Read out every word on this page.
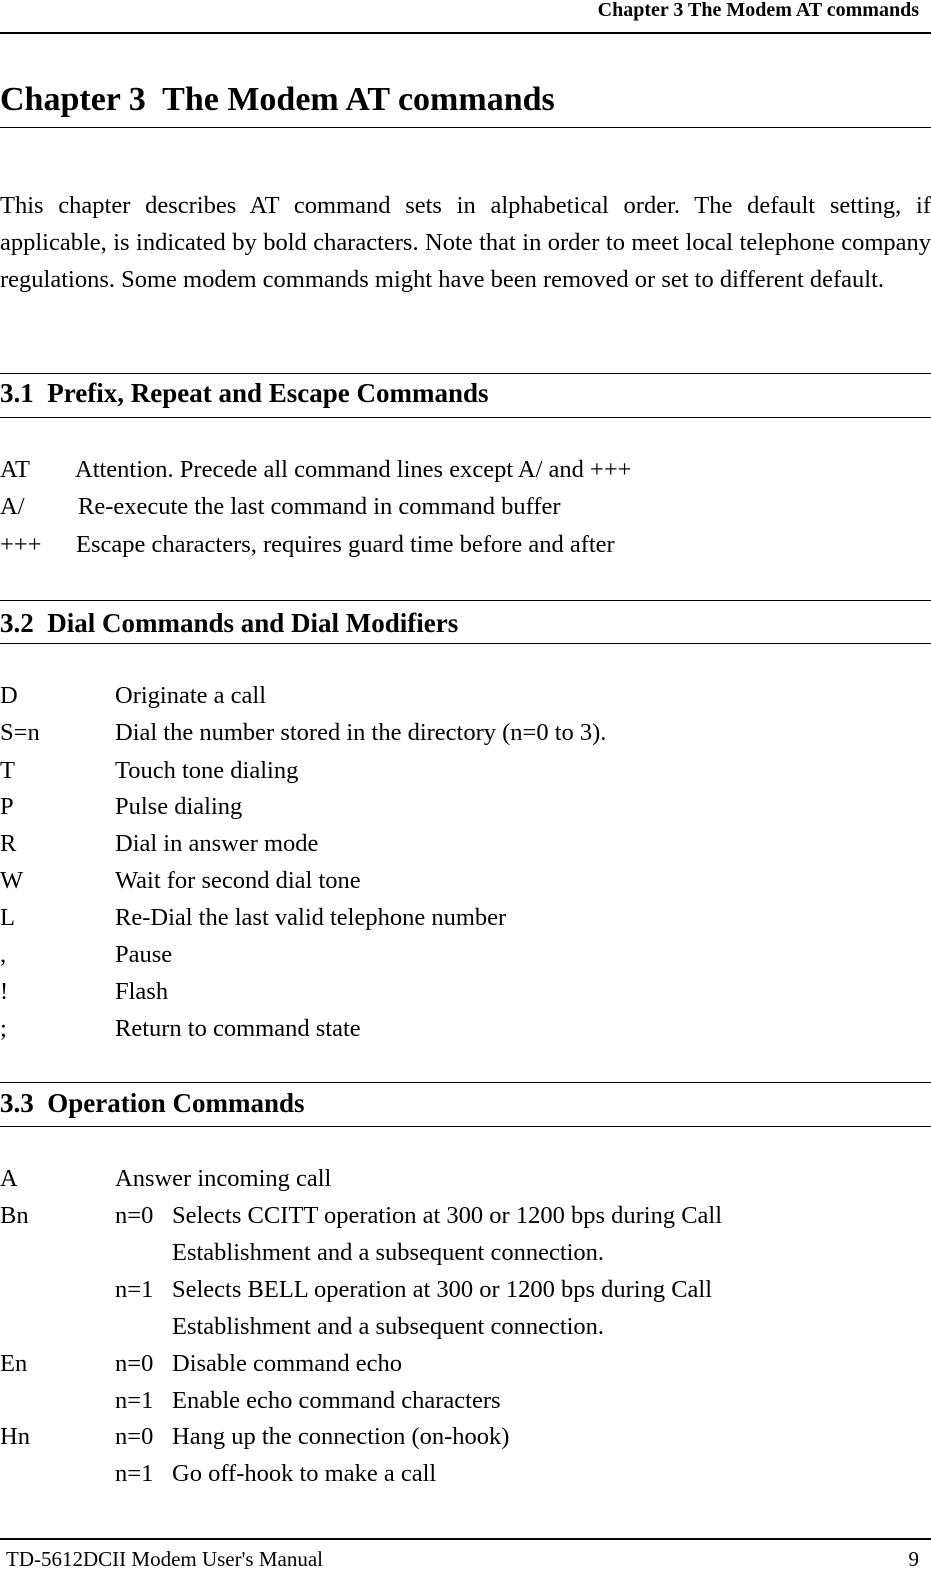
Chapter 3 The Modem AT commands
Chapter 3  The Modem AT commands

This chapter describes AT command sets in alphabetical order. The default setting, if applicable, is indicated by bold characters. Note that in order to meet local telephone company regulations. Some modem commands might have been removed or set to different default.

3.1  Prefix, Repeat and Escape Commands
AT Attention. Precede all command lines except A/ and +++
A/ Re-execute the last command in command buffer
+++ Escape characters, requires guard time before and after
3.2  Dial Commands and Dial Modifiers
D	Originate a call
S=n	Dial the number stored in the directory (n=0 to 3).
T	Touch tone dialing
P	Pulse dialing
R	Dial in answer mode
W	Wait for second dial tone
L	Re-Dial the last valid telephone number
,	Pause
!	Flash
;	Return to command state
3.3  Operation Commands
A	Answer incoming call
Bn	n=0 Selects CCITT operation at 300 or 1200 bps during Call
Establishment and a subsequent connection.
n=1 Selects BELL operation at 300 or 1200 bps during Call
Establishment and a subsequent connection.
En	n=0 Disable command echo
n=1 Enable echo command characters
Hn	n=0 Hang up the connection (on-hook)
n=1 Go off-hook to make a call
TD-5612DCII Modem User's Manual	9
